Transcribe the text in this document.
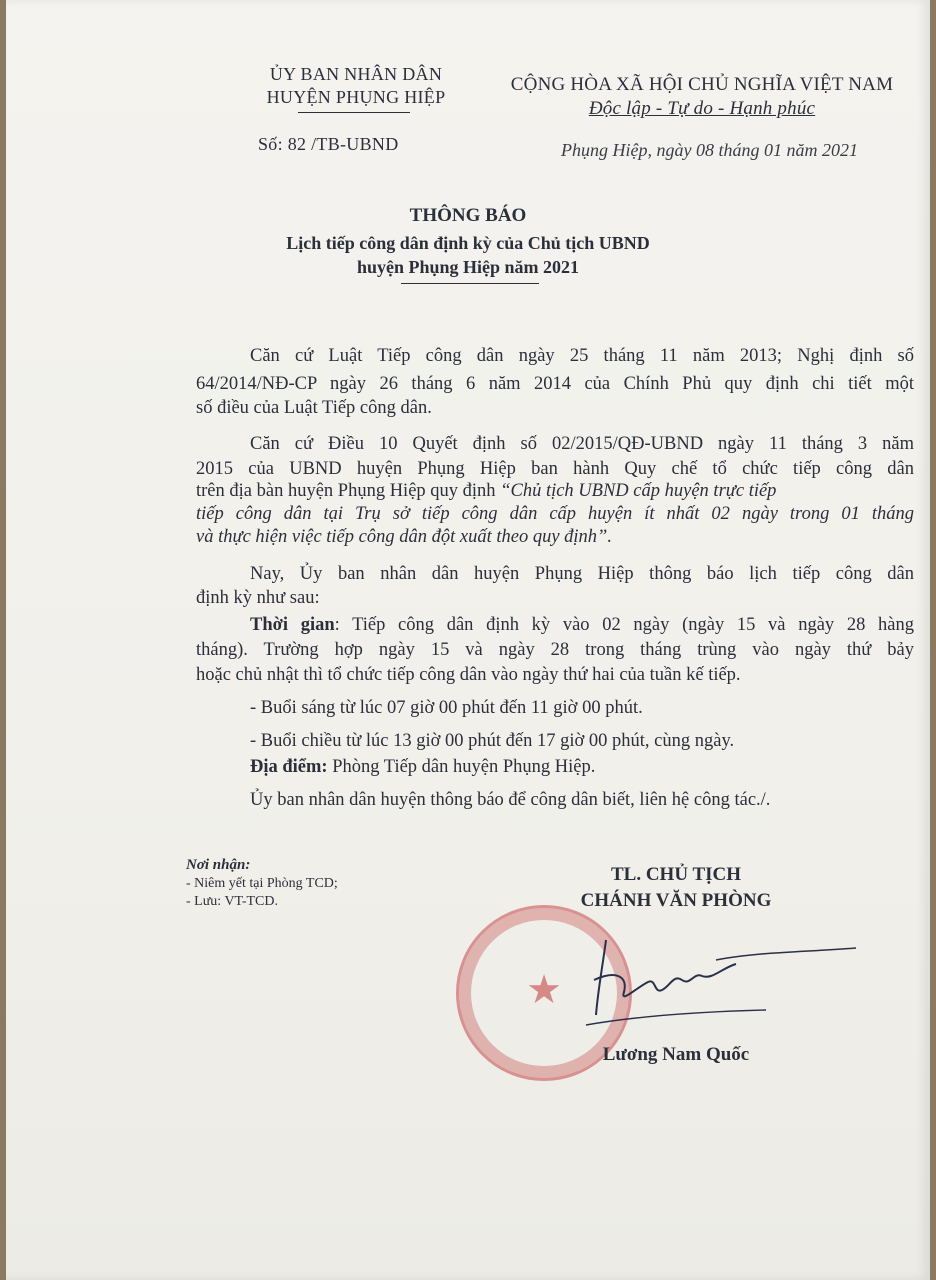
ỦY BAN NHÂN DÂN
HUYỆN PHỤNG HIỆP
Số: 82 /TB-UBND
CỘNG HÒA XÃ HỘI CHỦ NGHĨA VIỆT NAM
Độc lập - Tự do - Hạnh phúc
Phụng Hiệp, ngày 08 tháng 01 năm 2021
THÔNG BÁO
Lịch tiếp công dân định kỳ của Chủ tịch UBND
huyện Phụng Hiệp năm 2021
Căn cứ Luật Tiếp công dân ngày 25 tháng 11 năm 2013; Nghị định số
64/2014/NĐ-CP ngày 26 tháng 6 năm 2014 của Chính Phủ quy định chi tiết một
số điều của Luật Tiếp công dân.
Căn cứ Điều 10 Quyết định số 02/2015/QĐ-UBND ngày 11 tháng 3 năm
2015 của UBND huyện Phụng Hiệp ban hành Quy chế tổ chức tiếp công dân
trên địa bàn huyện Phụng Hiệp quy định “Chủ tịch UBND cấp huyện trực tiếp
tiếp công dân tại Trụ sở tiếp công dân cấp huyện ít nhất 02 ngày trong 01 tháng
và thực hiện việc tiếp công dân đột xuất theo quy định”.
Nay, Ủy ban nhân dân huyện Phụng Hiệp thông báo lịch tiếp công dân
định kỳ như sau:
Thời gian: Tiếp công dân định kỳ vào 02 ngày (ngày 15 và ngày 28 hàng
tháng). Trường hợp ngày 15 và ngày 28 trong tháng trùng vào ngày thứ bảy
hoặc chủ nhật thì tổ chức tiếp công dân vào ngày thứ hai của tuần kế tiếp.
- Buổi sáng từ lúc 07 giờ 00 phút đến 11 giờ 00 phút.
- Buổi chiều từ lúc 13 giờ 00 phút đến 17 giờ 00 phút, cùng ngày.
Địa điểm: Phòng Tiếp dân huyện Phụng Hiệp.
Ủy ban nhân dân huyện thông báo để công dân biết, liên hệ công tác./.
Nơi nhận:
- Niêm yết tại Phòng TCD;
- Lưu: VT-TCD.
★
TL. CHỦ TỊCH
CHÁNH VĂN PHÒNG
Lương Nam Quốc
